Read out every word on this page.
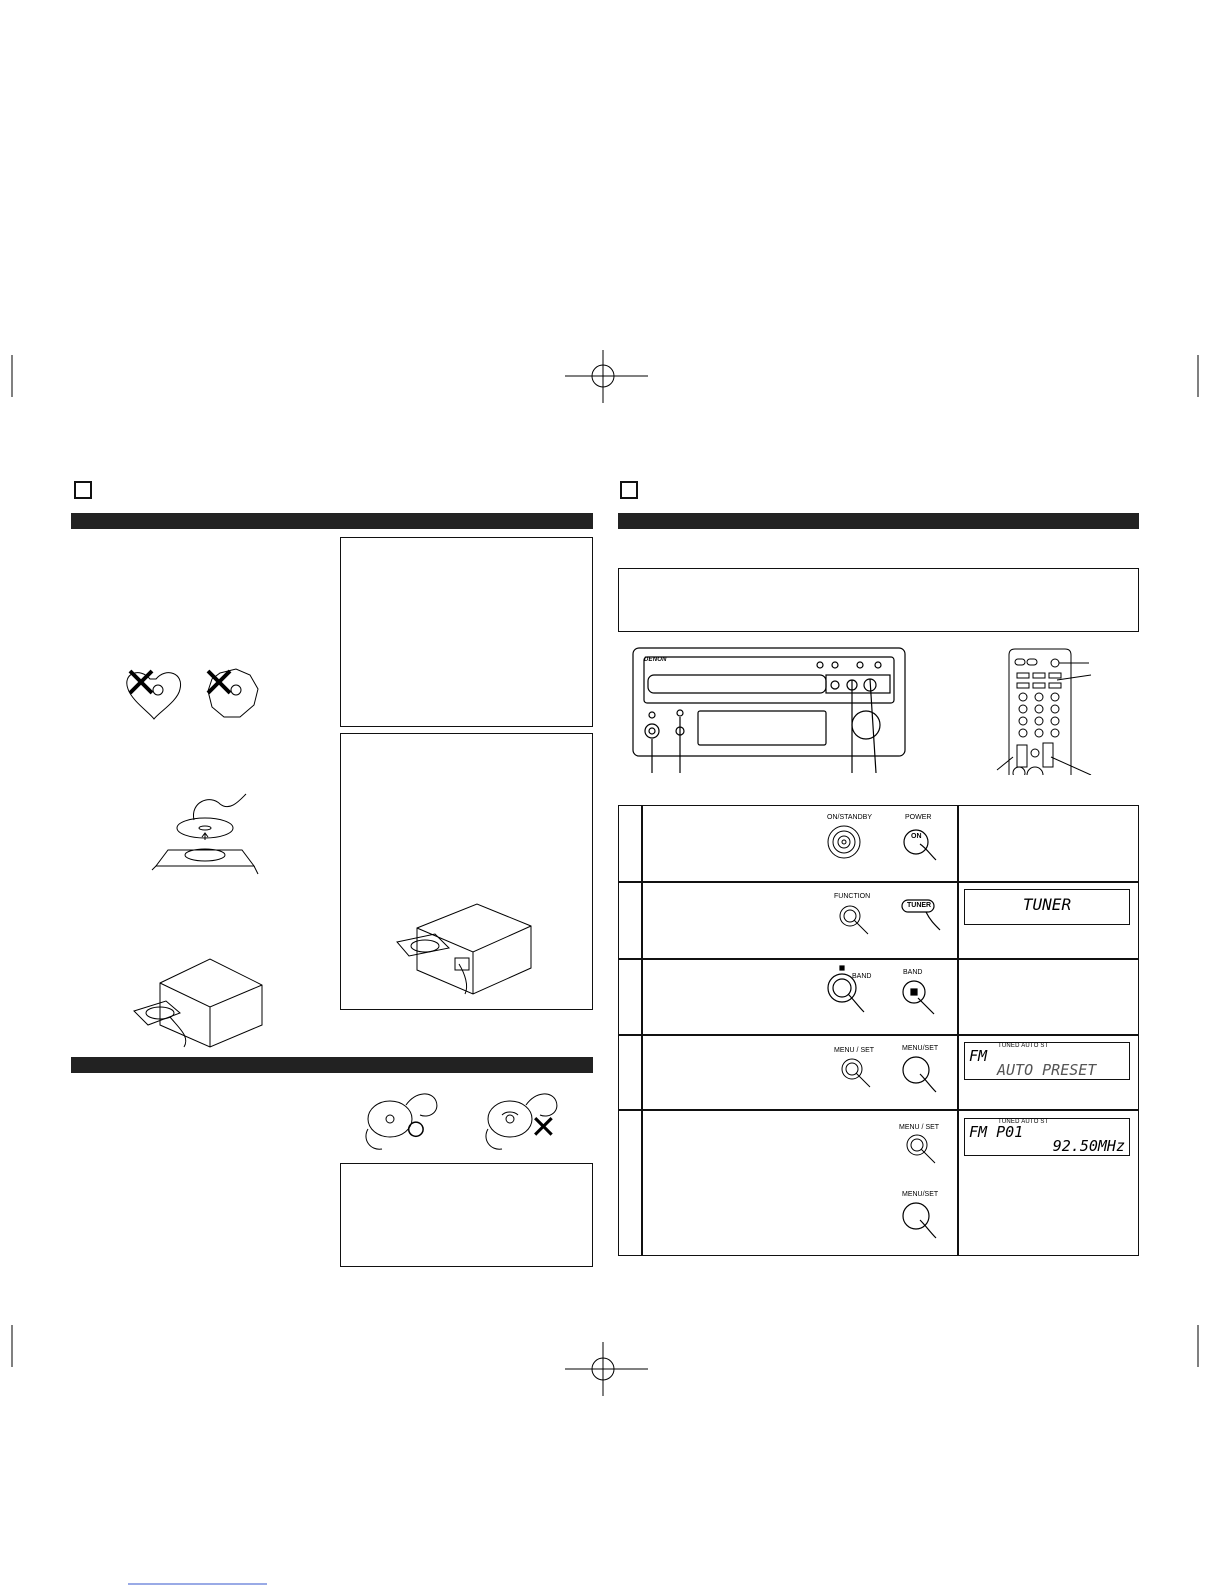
○	✕
DENON
ON/STANDBY	POWER
ON
FUNCTION
TUNER	TUNER
BAND
BAND
MENU / SET	MENU/SET	TUNED AUTO ST
FM
AUTO PRESET
MENU / SET
MENU/SET
TUNED AUTO ST
FM P01
92.50MHz
